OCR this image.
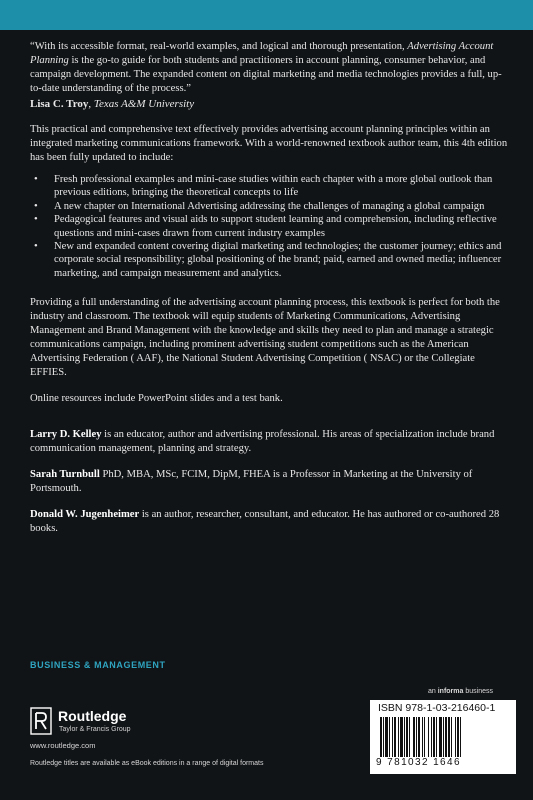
“With its accessible format, real-world examples, and logical and thorough presentation, Advertising Account Planning is the go-to guide for both students and practitioners in account planning, consumer behavior, and campaign development. The expanded content on digital marketing and media technologies provides a full, up-to-date understanding of the process.”
Lisa C. Troy, Texas A&M University
This practical and comprehensive text effectively provides advertising account planning principles within an integrated marketing communications framework. With a world-renowned textbook author team, this 4th edition has been fully updated to include:
• Fresh professional examples and mini-case studies within each chapter with a more global outlook than previous editions, bringing the theoretical concepts to life
• A new chapter on International Advertising addressing the challenges of managing a global campaign
• Pedagogical features and visual aids to support student learning and comprehension, including reflective questions and mini-cases drawn from current industry examples
• New and expanded content covering digital marketing and technologies; the customer journey; ethics and corporate social responsibility; global positioning of the brand; paid, earned and owned media; influencer marketing, and campaign measurement and analytics.
Providing a full understanding of the advertising account planning process, this textbook is perfect for both the industry and classroom. The textbook will equip students of Marketing Communications, Advertising Management and Brand Management with the knowledge and skills they need to plan and manage a strategic communications campaign, including prominent advertising student competitions such as the American Advertising Federation ( AAF), the National Student Advertising Competition ( NSAC) or the Collegiate EFFIES.
Online resources include PowerPoint slides and a test bank.
Larry D. Kelley is an educator, author and advertising professional. His areas of specialization include brand communication management, planning and strategy.
Sarah Turnbull PhD, MBA, MSc, FCIM, DipM, FHEA is a Professor in Marketing at the University of Portsmouth.
Donald W. Jugenheimer is an author, researcher, consultant, and educator. He has authored or co-authored 28 books.
BUSINESS & MANAGEMENT
an informa business
Routledge
Taylor & Francis Group
www.routledge.com
Routledge titles are available as eBook editions in a range of digital formats
ISBN 978-1-03-216460-1
9 781032 1646
